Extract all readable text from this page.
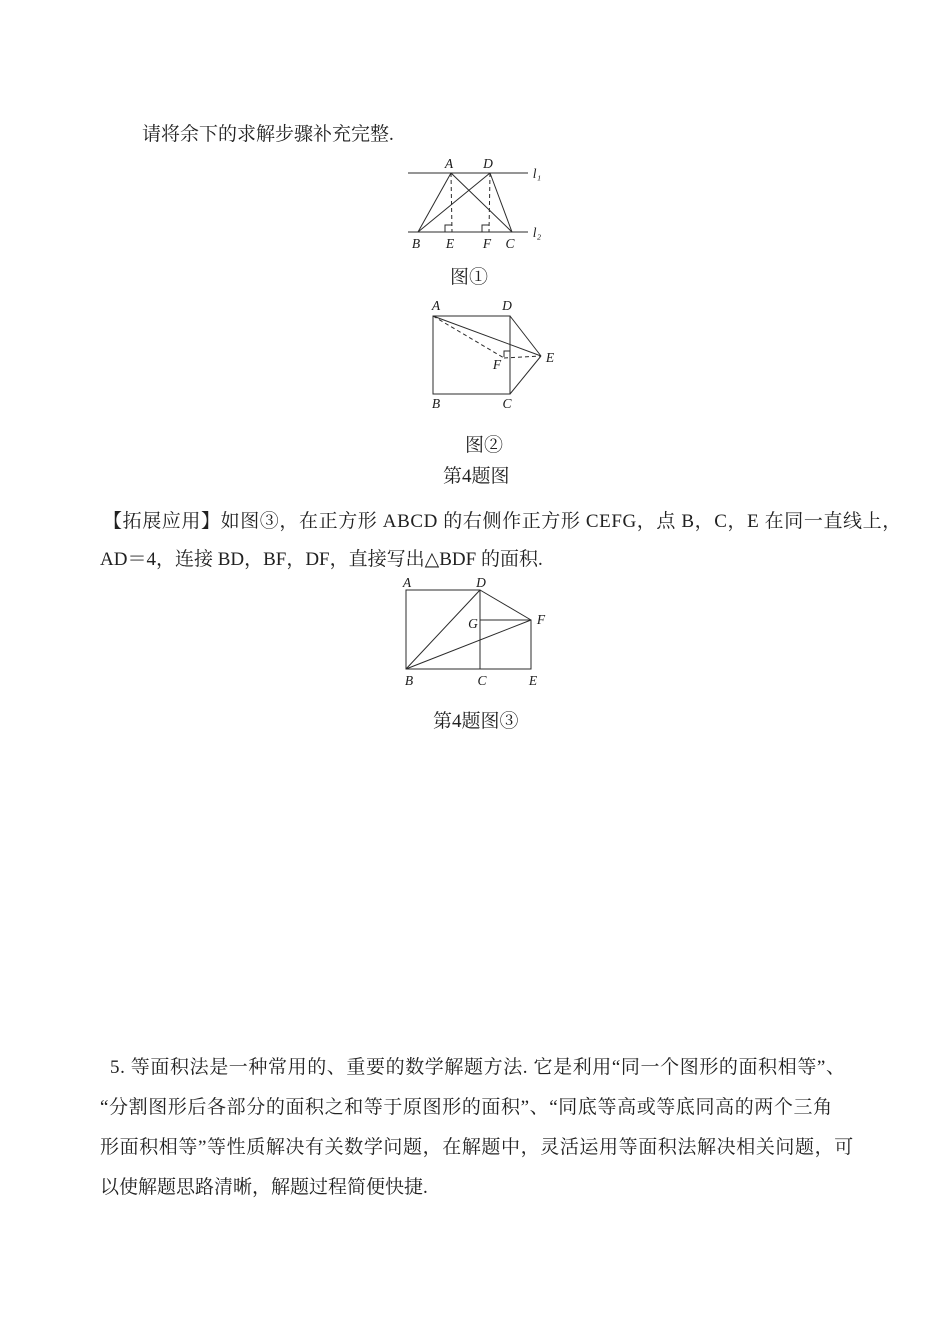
请将余下的求解步骤补充完整.
A D
B E F C
l₁
l₂
图①
A	D
B	C
E
F
图②
第4题图
【拓展应用】如图③，在正方形 ABCD 的右侧作正方形 CEFG，点 B，C，E 在同一直线上，
AD＝4，连接 BD，BF，DF，直接写出△BDF 的面积.
A	D
B	C	E
F
G
第4题图③
5. 等面积法是一种常用的、重要的数学解题方法. 它是利用“同一个图形的面积相等”、
“分割图形后各部分的面积之和等于原图形的面积”、“同底等高或等底同高的两个三角
形面积相等”等性质解决有关数学问题，在解题中，灵活运用等面积法解决相关问题，可
以使解题思路清晰，解题过程简便快捷.
